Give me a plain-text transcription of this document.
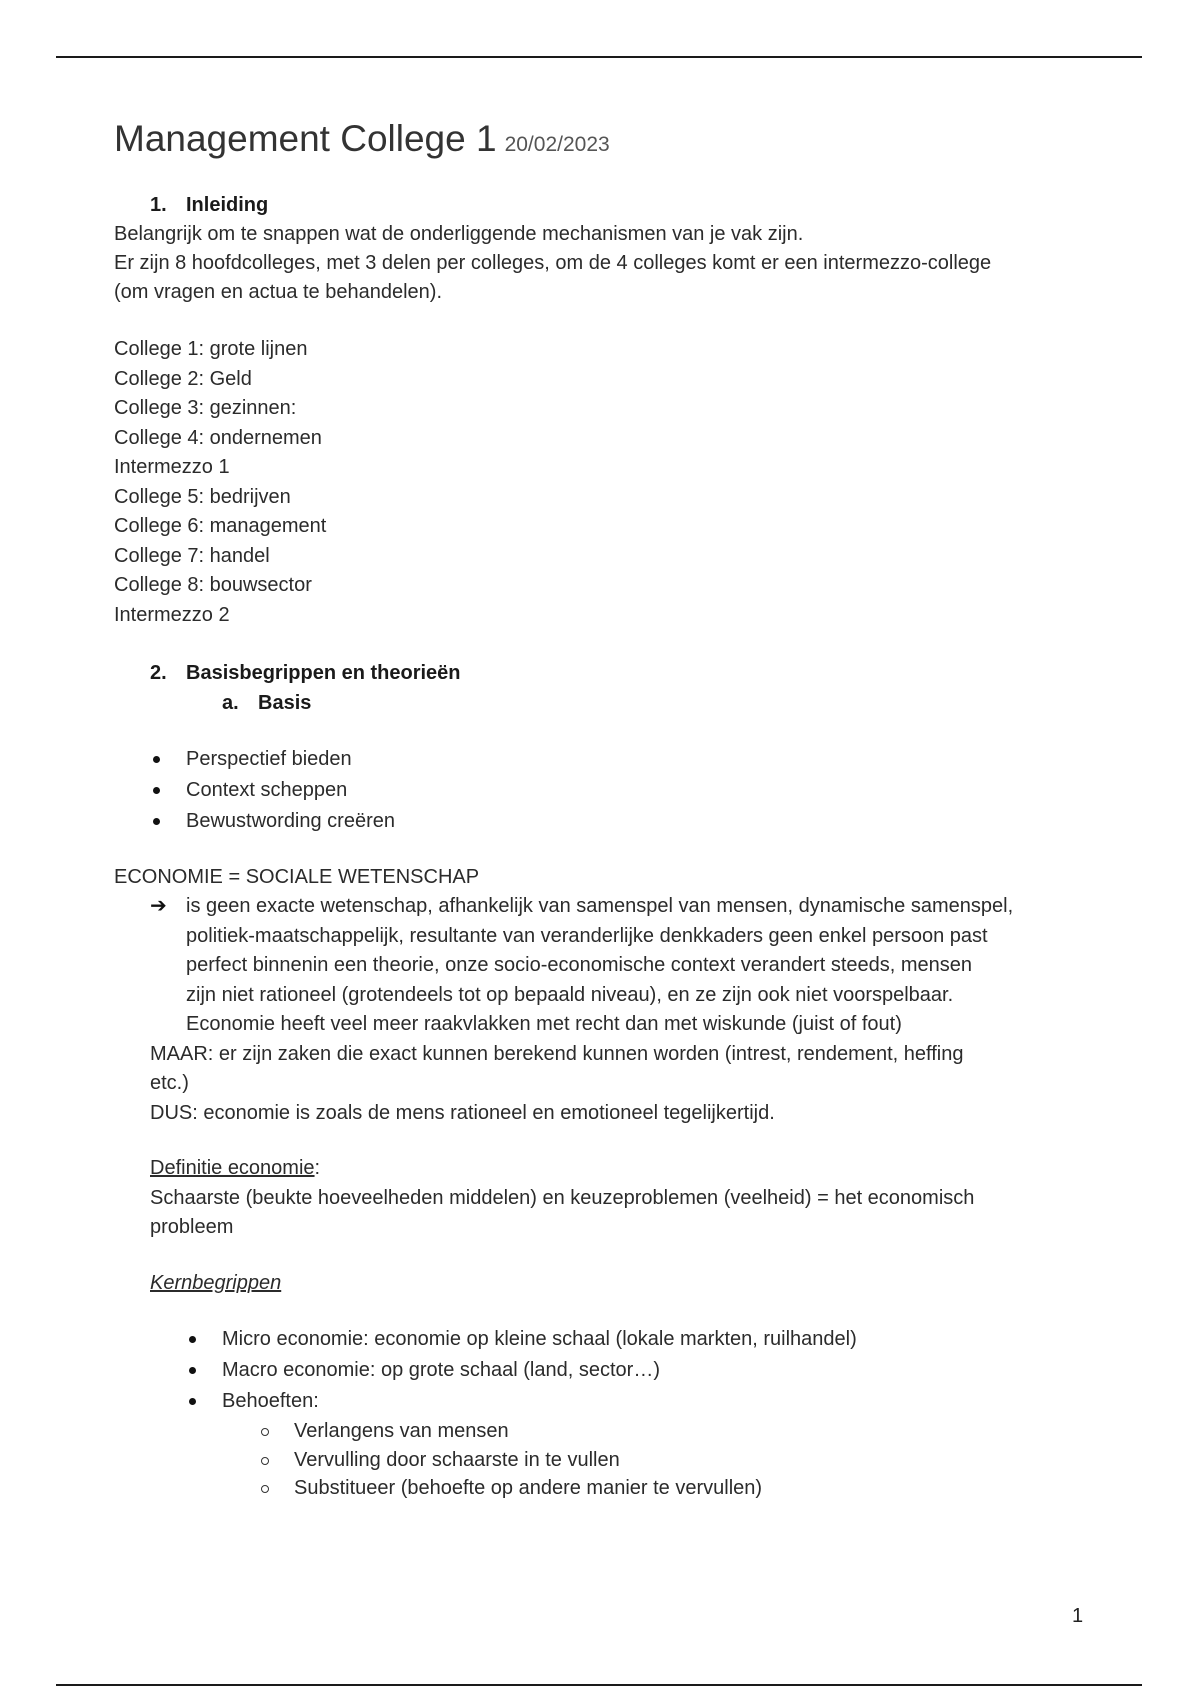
Management College 1 20/02/2023
1. Inleiding

Belangrijk om te snappen wat de onderliggende mechanismen van je vak zijn.

Er zijn 8 hoofdcolleges, met 3 delen per colleges, om de 4 colleges komt er een intermezzo-college

(om vragen en actua te behandelen).

College 1: grote lijnen
College 2: Geld
College 3: gezinnen:
College 4: ondernemen
Intermezzo 1
College 5: bedrijven
College 6: management
College 7: handel
College 8: bouwsector
Intermezzo 2
2. Basisbegrippen en theorieën
a. Basis
Perspectief bieden
Context scheppen
Bewustwording creëren
ECONOMIE = SOCIALE WETENSCHAP
➔ is geen exacte wetenschap, afhankelijk van samenspel van mensen, dynamische samenspel,
politiek-maatschappelijk, resultante van veranderlijke denkkaders geen enkel persoon past
perfect binnenin een theorie, onze socio-economische context verandert steeds, mensen
zijn niet rationeel (grotendeels tot op bepaald niveau), en ze zijn ook niet voorspelbaar.
Economie heeft veel meer raakvlakken met recht dan met wiskunde (juist of fout)
MAAR: er zijn zaken die exact kunnen berekend kunnen worden (intrest, rendement, heffing
etc.)
DUS: economie is zoals de mens rationeel en emotioneel tegelijkertijd.
Definitie economie:
Schaarste (beukte hoeveelheden middelen) en keuzeproblemen (veelheid) = het economisch
probleem
Kernbegrippen
Micro economie: economie op kleine schaal (lokale markten, ruilhandel)
Macro economie: op grote schaal (land, sector…)
Behoeften:
Verlangens van mensen
Vervulling door schaarste in te vullen
Substitueer (behoefte op andere manier te vervullen)
1
